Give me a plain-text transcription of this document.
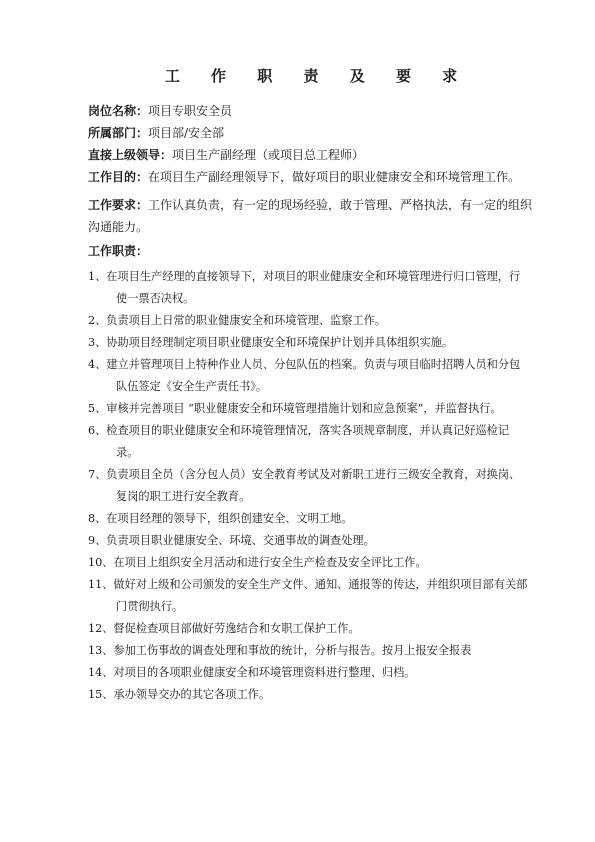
工 作 职 责 及 要 求
岗位名称： 项目专职安全员
所属部门： 项目部/安全部
直接上级领导： 项目生产副经理（或项目总工程师）
工作目的： 在项目生产副经理领导下，做好项目的职业健康安全和环境管理工作。
工作要求：工作认真负责，有一定的现场经验，敢于管理、严格执法，有一定的组织沟通能力。
工作职责：
1、在项目生产经理的直接领导下，对项目的职业健康安全和环境管理进行归口管理，行使一票否决权。
2、负责项目上日常的职业健康安全和环境管理、监察工作。
3、协助项目经理制定项目职业健康安全和环境保护计划并具体组织实施。
4、建立并管理项目上特种作业人员、分包队伍的档案。负责与项目临时招聘人员和分包队伍签定《安全生产责任书》。
5、审核并完善项目 “职业健康安全和环境管理措施计划和应急预案”，并监督执行。
6、检查项目的职业健康安全和环境管理情况，落实各项规章制度，并认真记好巡检记录。
7、负责项目全员（含分包人员）安全教育考试及对新职工进行三级安全教育，对换岗、复岗的职工进行安全教育。
8、在项目经理的领导下，组织创建安全、文明工地。
9、负责项目职业健康安全、环境、交通事故的调查处理。
10、在项目上组织安全月活动和进行安全生产检查及安全评比工作。
11、做好对上级和公司颁发的安全生产文件、通知、通报等的传达，并组织项目部有关部门贯彻执行。
12、督促检查项目部做好劳逸结合和女职工保护工作。
13、参加工伤事故的调查处理和事故的统计，分析与报告。按月上报安全报表
14、对项目的各项职业健康安全和环境管理资料进行整理、归档。
15、承办领导交办的其它各项工作。
